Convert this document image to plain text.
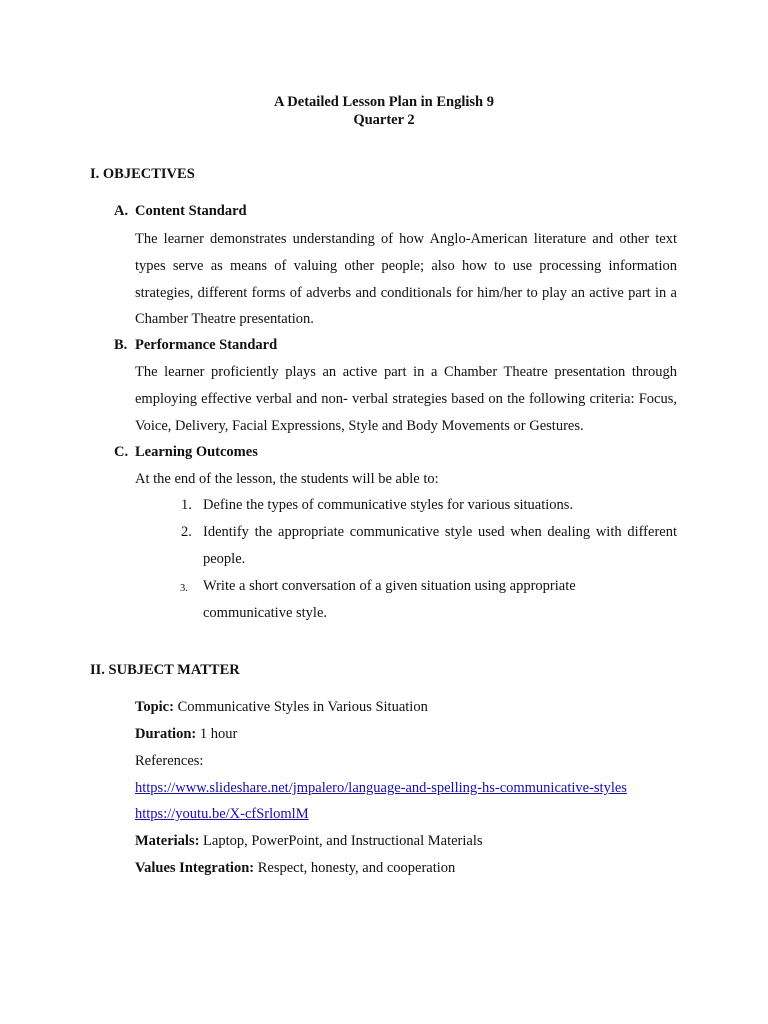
A Detailed Lesson Plan in English 9
Quarter 2
I. OBJECTIVES
A. Content Standard
The learner demonstrates understanding of how Anglo-American literature and other text types serve as means of valuing other people; also how to use processing information strategies, different forms of adverbs and conditionals for him/her to play an active part in a Chamber Theatre presentation.
B. Performance Standard
The learner proficiently plays an active part in a Chamber Theatre presentation through employing effective verbal and non- verbal strategies based on the following criteria: Focus, Voice, Delivery, Facial Expressions, Style and Body Movements or Gestures.
C. Learning Outcomes
At the end of the lesson, the students will be able to:
1. Define the types of communicative styles for various situations.
2. Identify the appropriate communicative style used when dealing with different people.
3. Write a short conversation of a given situation using appropriate communicative style.
II. SUBJECT MATTER
Topic: Communicative Styles in Various Situation
Duration: 1 hour
References:
https://www.slideshare.net/jmpalero/language-and-spelling-hs-communicative-styles
https://youtu.be/X-cfSrlomlM
Materials: Laptop, PowerPoint, and Instructional Materials
Values Integration: Respect, honesty, and cooperation
